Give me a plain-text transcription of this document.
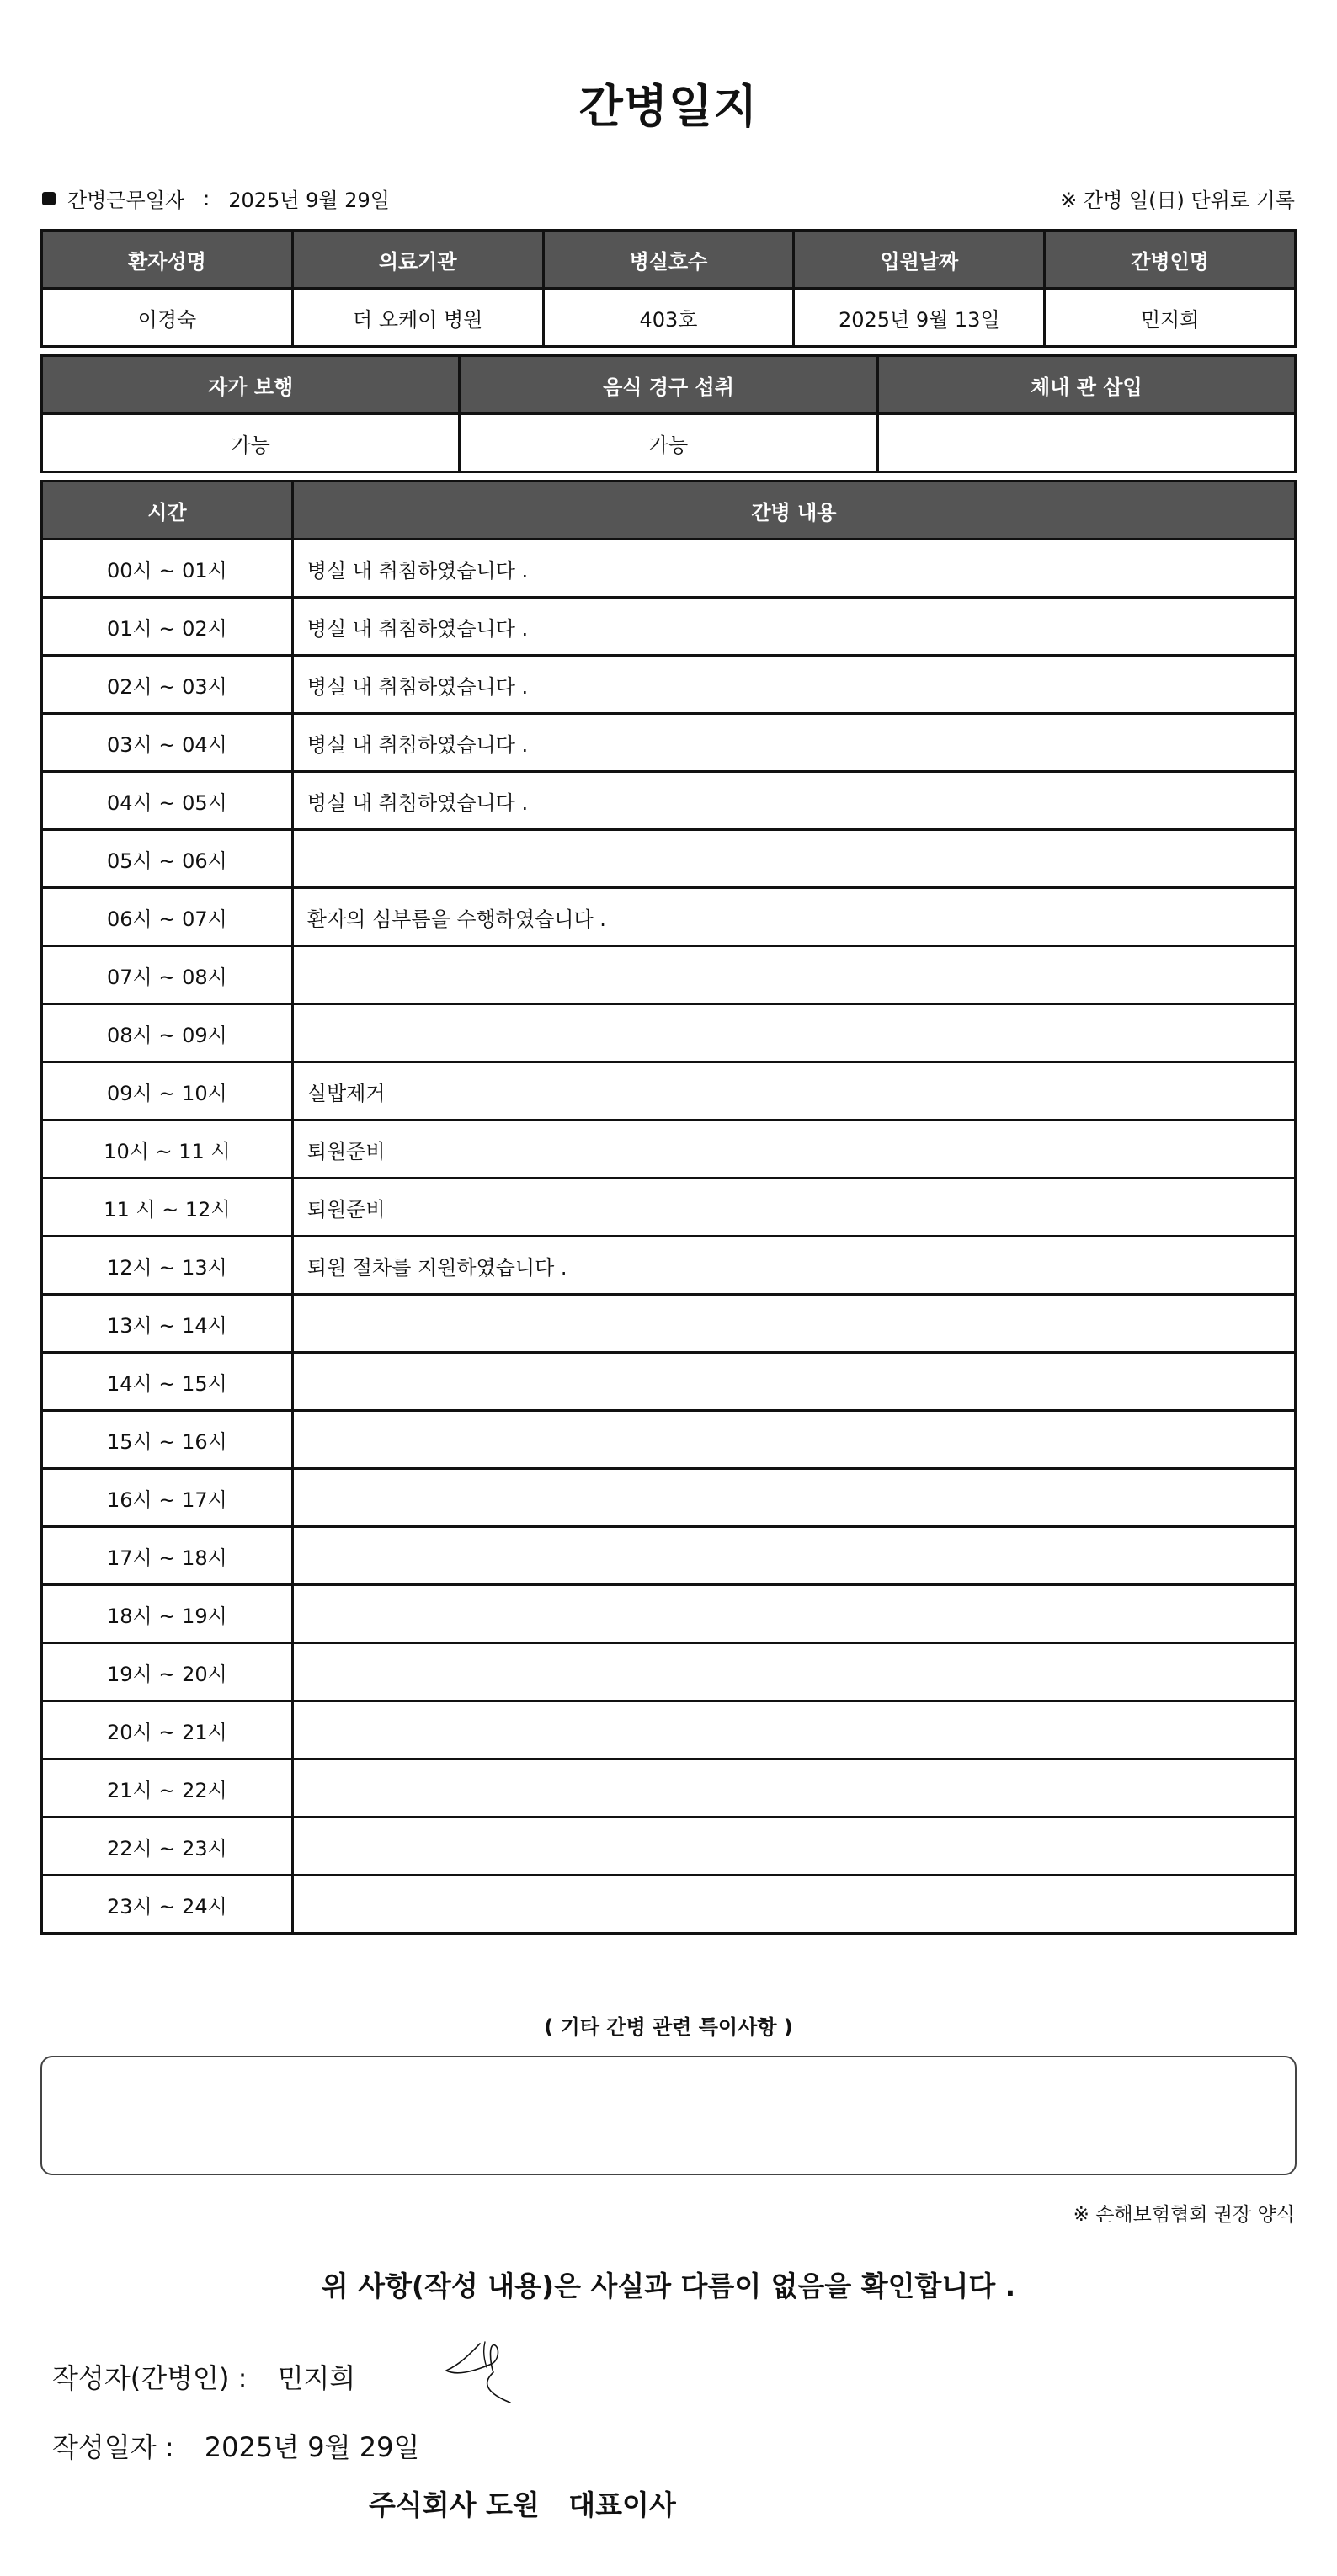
간병일지
간병근무일자 : 2025년 9월 29일	※ 간병 일(日) 단위로 기록
환자성명	의료기관	병실호수	입원날짜	간병인명
이경숙	더 오케이 병원	403호	2025년 9월 13일	민지희
자가 보행	음식 경구 섭취	체내 관 삽입
가능	가능	
시간	간병 내용
00시 ~ 01시	병실 내 취침하였습니다 .
01시 ~ 02시	병실 내 취침하였습니다 .
02시 ~ 03시	병실 내 취침하였습니다 .
03시 ~ 04시	병실 내 취침하였습니다 .
04시 ~ 05시	병실 내 취침하였습니다 .
05시 ~ 06시	
06시 ~ 07시	환자의 심부름을 수행하였습니다 .
07시 ~ 08시	
08시 ~ 09시	
09시 ~ 10시	실밥제거
10시 ~ 11 시	퇴원준비
11 시 ~ 12시	퇴원준비
12시 ~ 13시	퇴원 절차를 지원하였습니다 .
13시 ~ 14시	
14시 ~ 15시	
15시 ~ 16시	
16시 ~ 17시	
17시 ~ 18시	
18시 ~ 19시	
19시 ~ 20시	
20시 ~ 21시	
21시 ~ 22시	
22시 ~ 23시	
23시 ~ 24시	
( 기타 간병 관련 특이사항 )
※ 손해보험협회 권장 양식
위 사항(작성 내용)은 사실과 다름이 없음을 확인합니다 .
작성자(간병인) : 민지희
작성일자 : 2025년 9월 29일
주식회사 도원   대표이사
